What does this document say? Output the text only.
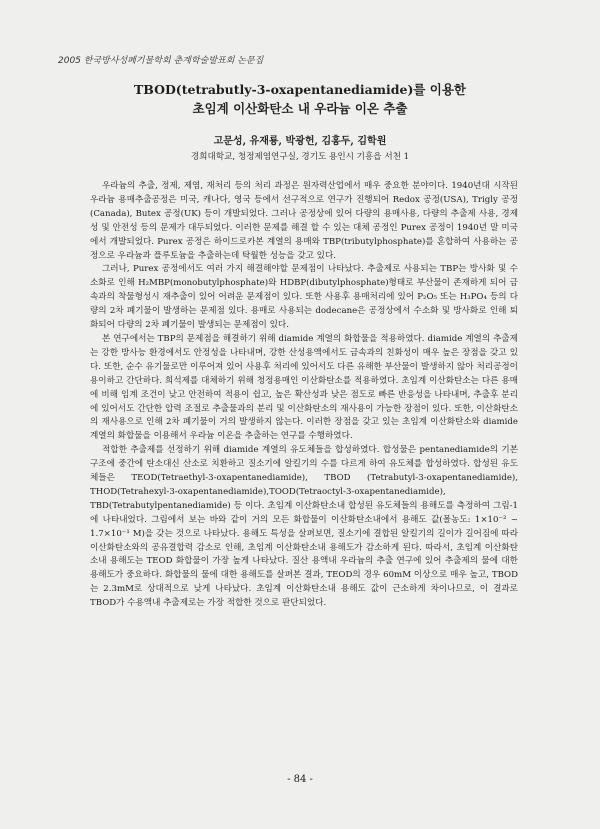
2005 한국방사성폐기물학회 춘계학술발표회 논문집
TBOD(tetrabutly-3-oxapentanediamide)를 이용한
초임계 이산화탄소 내 우라늄 이온 추출
고문성, 유재룡, 박광헌, 김홍두, 김학원
경희대학교, 청정제염연구실, 경기도 용인시 기흥읍 서천 1

우라늄의 추출, 정제, 제염, 재처리 등의 처리 과정은 원자력산업에서 매우 중요한 분야이다. 1940년대 시작된 우라늄 용매추출공정은 미국, 캐나다, 영국 등에서 선구적으로 연구가 진행되어 Redox 공정(USA), Trigly 공정(Canada), Butex 공정(UK) 등이 개발되었다. 그러나 공정상에 있어 다량의 용매사용, 다량의 추출제 사용, 경제성 및 안전성 등의 문제가 대두되었다. 이러한 문제를 해결 할 수 있는 대체 공정인 Purex 공정이 1940년 말 미국에서 개발되었다. Purex 공정은 하이드로카본 계열의 용매와 TBP(tributylphosphate)를 혼합하여 사용하는 공정으로 우라늄과 플루토늄을 추출하는데 탁월한 성능을 갖고 있다.

그러나, Purex 공정에서도 여러 가지 해결해야할 문제점이 나타났다. 추출제로 사용되는 TBP는 방사화 및 수소화로 인해 H₂MBP(monobutylphosphate)와 HDBP(dibutylphosphate)형태로 부산물이 존재하게 되어 금속과의 착물형성시 재추출이 있어 어려운 문제점이 있다. 또한 사용후 용매처리에 있어 P₂O₅ 또는 H₃PO₄ 등의 다량의 2차 폐기물이 발생하는 문제점 있다. 용매로 사용되는 dodecane은 공정상에서 수소화 및 방사화로 인해 퇴화되어 다량의 2차 폐기물이 발생되는 문제점이 있다.

본 연구에서는 TBP의 문제점을 해결하기 위해 diamide 계열의 화합물을 적용하였다. diamide 계열의 추출제는 강한 방사능 환경에서도 안정성을 나타내며, 강한 산성용액에서도 금속과의 친화성이 매우 높은 장점을 갖고 있다. 또한, 순수 유기물로만 이루어져 있어 사용후 처리에 있어서도 다른 유해한 부산물이 발생하지 않아 처리공정이 용이하고 간단하다. 희석제를 대체하기 위해 청정용매인 이산화탄소를 적용하였다. 초임계 이산화탄소는 다른 용매에 비해 임계 조건이 낮고 안전하여 적용이 쉽고, 높은 확산성과 낮은 점도로 빠른 반응성을 나타내며, 추출후 분리에 있어서도 간단한 압력 조절로 추출물과의 분리 및 이산화탄소의 재사용이 가능한 장점이 있다. 또한, 이산화탄소의 재사용으로 인해 2차 폐기물이 거의 발생하지 않는다. 이러한 장점을 갖고 있는 초임계 이산화탄소와 diamide 계열의 화합물을 이용해서 우라늄 이온을 추출하는 연구를 수행하였다.

적합한 추출제를 선정하기 위해 diamide 계열의 유도체들을 합성하였다. 합성물은 pentanediamide의 기본 구조에 중간에 탄소대신 산소로 치환하고 질소기에 알킬기의 수를 다르게 하여 유도체를 합성하였다. 합성된 유도체들은 TEOD(Tetraethyl-3-oxapentanediamide), TBOD (Tetrabutyl-3-oxapentanediamide), THOD(Tetrahexyl-3-oxapentanediamide),TOOD(Tetraoctyl-3-oxapentanediamide), TBD(Tetrabutylpentanediamide) 등 이다. 초임계 이산화탄소내 합성된 유도체들의 용해도를 측정하여 그림-1에 나타내었다. 그림에서 보는 바와 같이 거의 모든 화합물이 이산화탄소내에서 용해도 값(몰농도: 1×10⁻² ~ 1.7×10⁻¹ M)을 갖는 것으로 나타났다. 용해도 특성을 살펴보면, 질소기에 결합된 알킬기의 길이가 길어짐에 따라 이산화탄소와의 공유결합력 감소로 인해, 초임계 이산화탄소내 용해도가 감소하게 된다. 따라서, 초임계 이산화탄소내 용해도는 TEOD 화합물이 가장 높게 나타났다. 질산 용액내 우라늄의 추출 연구에 있어 추출제의 물에 대한 용해도가 중요하다. 화합물의 물에 대한 용해도를 살펴본 결과, TEOD의 경우 60mM 이상으로 매우 높고, TBOD는 2.3mM로 상대적으로 낮게 나타났다. 초임계 이산화탄소내 용해도 값이 근소하게 차이나므로, 이 결과로 TBOD가 수용액내 추출제로는 가장 적합한 것으로 판단되었다.

- 84 -
